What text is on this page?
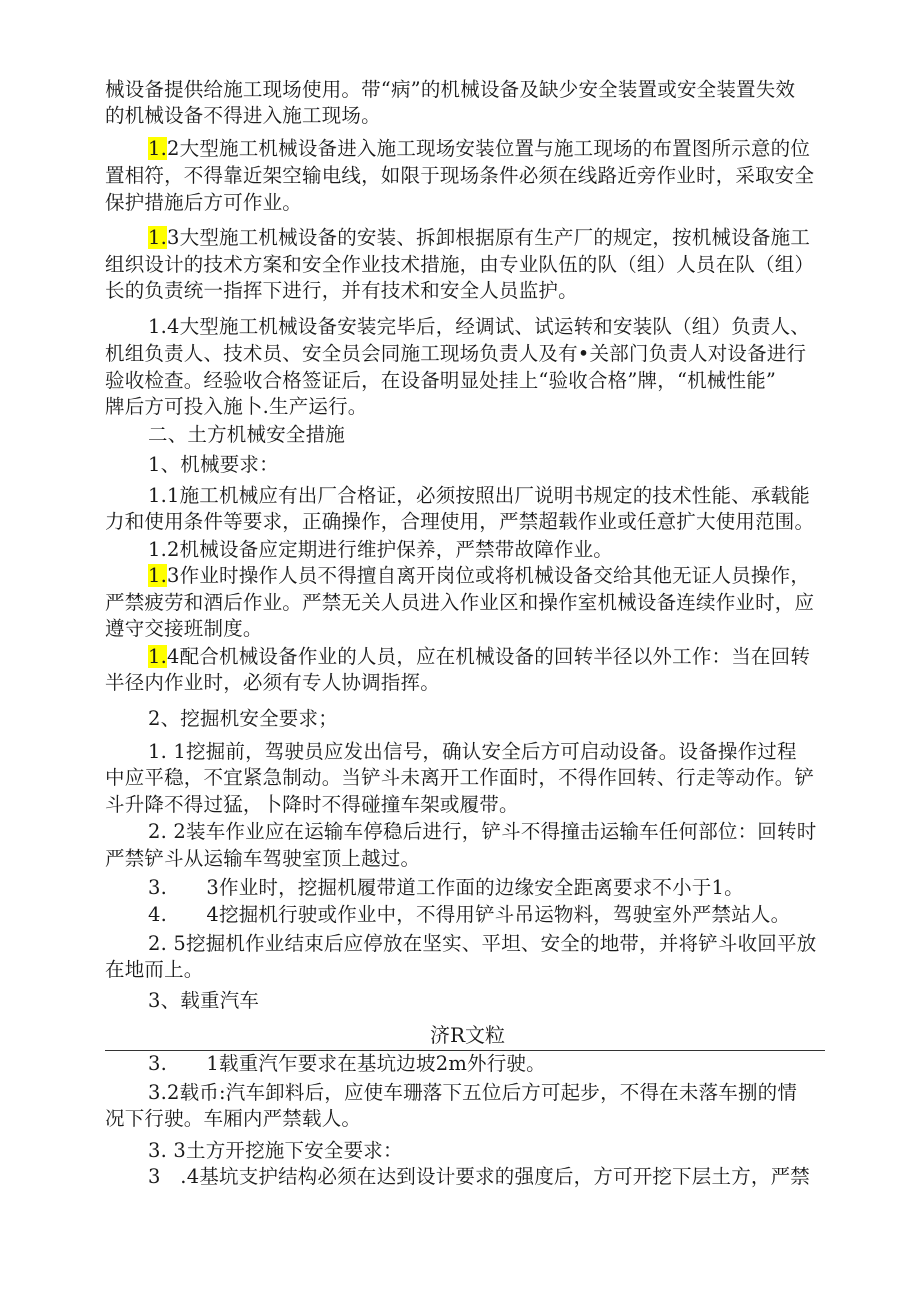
械设备提供给施工现场使用。带“病”的机械设备及缺少安全装置或安全装置失效
的机械设备不得进入施工现场。
1.2大型施工机械设备进入施工现场安装位置与施工现场的布置图所示意的位
置相符，不得靠近架空输电线，如限于现场条件必须在线路近旁作业时，采取安全
保护措施后方可作业。
1.3大型施工机械设备的安装、拆卸根据原有生产厂的规定，按机械设备施工
组织设计的技术方案和安全作业技术措施，由专业队伍的队（组）人员在队（组）
长的负责统一指挥下进行，并有技术和安全人员监护。
1.4大型施工机械设备安装完毕后，经调试、试运转和安装队（组）负责人、
机组负责人、技术员、安全员会同施工现场负责人及有•关部门负责人对设备进行
验收检查。经验收合格签证后，在设备明显处挂上“验收合格”牌，“机械性能”
牌后方可投入施卜.生产运行。
二、土方机械安全措施
1、机械要求：
1.1施工机械应有出厂合格证，必须按照出厂说明书规定的技术性能、承载能
力和使用条件等要求，正确操作，合理使用，严禁超载作业或任意扩大使用范围。
1.2机械设备应定期进行维护保养，严禁带故障作业。
1.3作业时操作人员不得擅自离开岗位或将机械设备交给其他无证人员操作，
严禁疲劳和酒后作业。严禁无关人员进入作业区和操作室机械设备连续作业时，应
遵守交接班制度。
1.4配合机械设备作业的人员，应在机械设备的回转半径以外工作：当在回转
半径内作业时，必须有专人协调指挥。
2、挖掘机安全要求；
1. 1挖掘前，驾驶员应发出信号，确认安全后方可启动设备。设备操作过程
中应平稳，不宜紧急制动。当铲斗未离开工作面时，不得作回转、行走等动作。铲
斗升降不得过猛，卜降时不得碰撞车架或履带。
2. 2装车作业应在运输车停稳后进行，铲斗不得撞击运输车任何部位：回转时
严禁铲斗从运输车驾驶室顶上越过。
3.　　3作业时，挖掘机履带道工作面的边缘安全距离要求不小于1。
4.　　4挖掘机行驶或作业中，不得用铲斗吊运物料，驾驶室外严禁站人。
2. 5挖掘机作业结束后应停放在坚实、平坦、安全的地带，并将铲斗收回平放
在地而上。
3、载重汽车
3.　　1载重汽乍要求在基坑边坡2m外行驶。
3.2载币:汽车卸料后，应使车珊落下五位后方可起步，不得在未落车捌的情
况下行驶。车厢内严禁载人。
3. 3土方开挖施下安全要求：
3　.4基坑支护结构必须在达到设计要求的强度后，方可开挖下层土方，严禁
济R文粒
